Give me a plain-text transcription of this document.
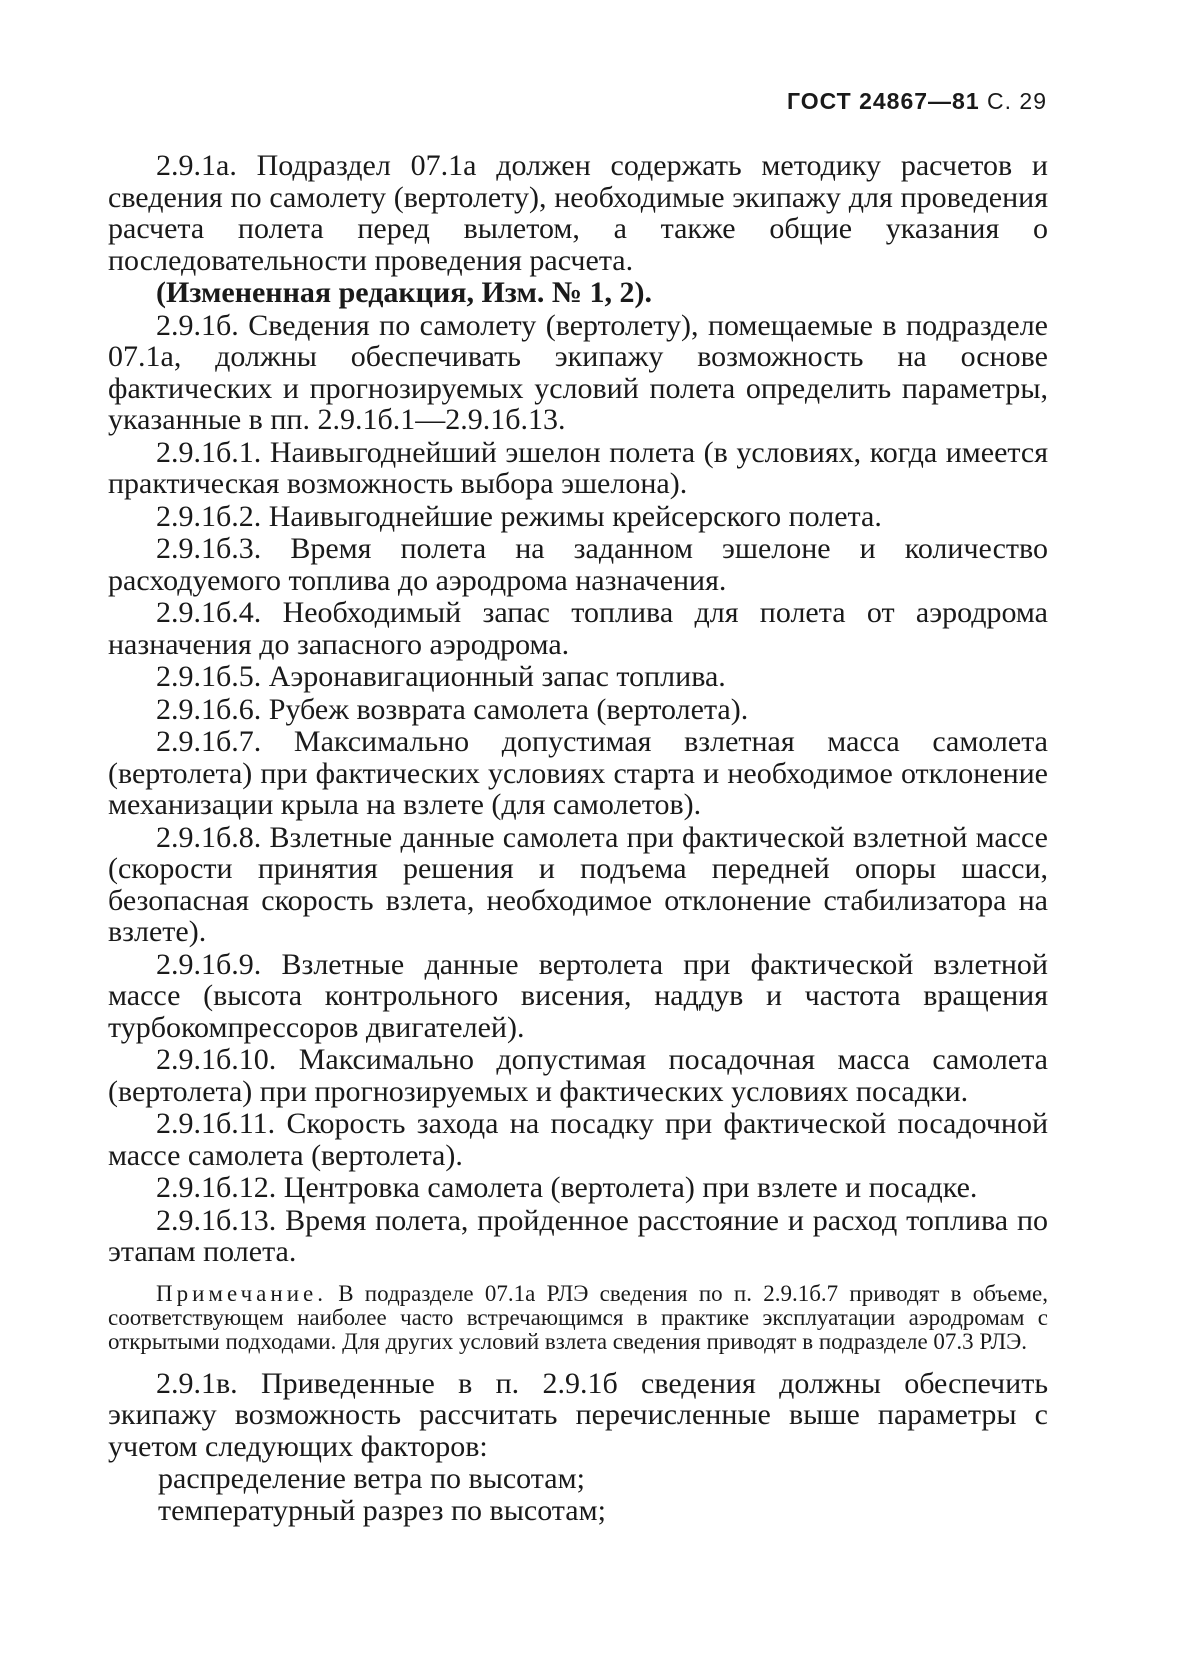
ГОСТ 24867—81 С. 29

2.9.1а. Подраздел 07.1а должен содержать методику расчетов и сведения по самолету (вертолету), необходимые экипажу для проведения расчета полета перед вылетом, а также общие указания о последовательности проведения расчета.

(Измененная редакция, Изм. № 1, 2).

2.9.1б. Сведения по самолету (вертолету), помещаемые в подразделе 07.1а, должны обеспечивать экипажу возможность на основе фактических и прогнозируемых условий полета определить параметры, указанные в пп. 2.9.1б.1—2.9.1б.13.

2.9.1б.1. Наивыгоднейший эшелон полета (в условиях, когда имеется практическая возможность выбора эшелона).

2.9.1б.2. Наивыгоднейшие режимы крейсерского полета.

2.9.1б.3. Время полета на заданном эшелоне и количество расходуемого топлива до аэродрома назначения.

2.9.1б.4. Необходимый запас топлива для полета от аэродрома назначения до запасного аэродрома.

2.9.1б.5. Аэронавигационный запас топлива.

2.9.1б.6. Рубеж возврата самолета (вертолета).

2.9.1б.7. Максимально допустимая взлетная масса самолета (вертолета) при фактических условиях старта и необходимое отклонение механизации крыла на взлете (для самолетов).

2.9.1б.8. Взлетные данные самолета при фактической взлетной массе (скорости принятия решения и подъема передней опоры шасси, безопасная скорость взлета, необходимое отклонение стабилизатора на взлете).

2.9.1б.9. Взлетные данные вертолета при фактической взлетной массе (высота контрольного висения, наддув и частота вращения турбокомпрессоров двигателей).

2.9.1б.10. Максимально допустимая посадочная масса самолета (вертолета) при прогнозируемых и фактических условиях посадки.

2.9.1б.11. Скорость захода на посадку при фактической посадочной массе самолета (вертолета).

2.9.1б.12. Центровка самолета (вертолета) при взлете и посадке.

2.9.1б.13. Время полета, пройденное расстояние и расход топлива по этапам полета.

Примечание. В подразделе 07.1а РЛЭ сведения по п. 2.9.1б.7 приводят в объеме, соответствующем наиболее часто встречающимся в практике эксплуатации аэродромам с открытыми подходами. Для других условий взлета сведения приводят в подразделе 07.3 РЛЭ.

2.9.1в. Приведенные в п. 2.9.1б сведения должны обеспечить экипажу возможность рассчитать перечисленные выше параметры с учетом следующих факторов:

распределение ветра по высотам;
температурный разрез по высотам;
